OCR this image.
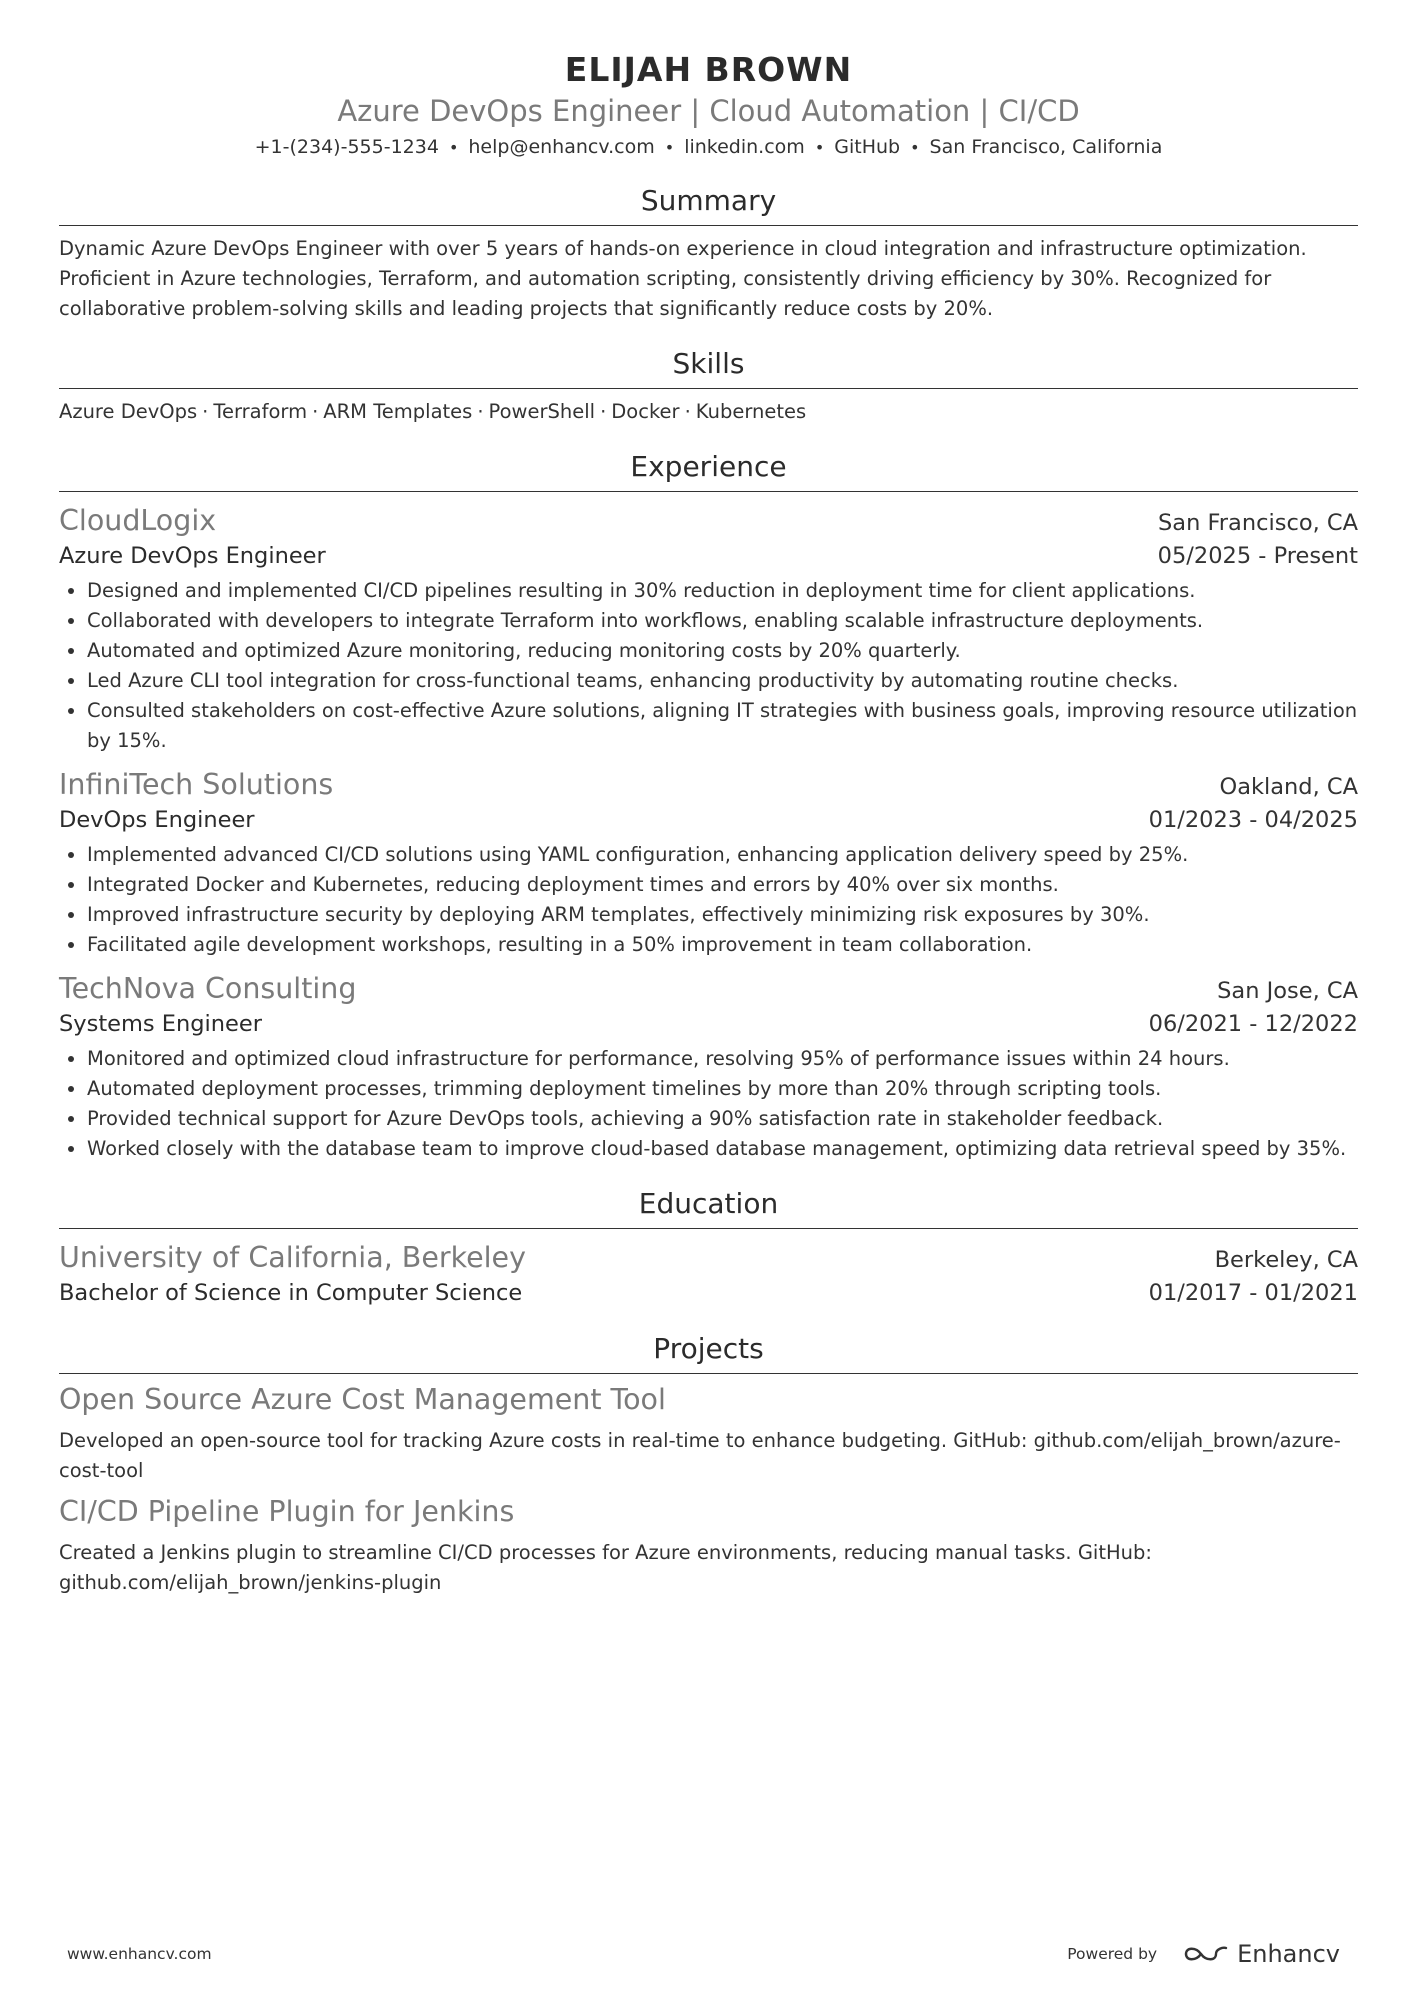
ELIJAH BROWN
Azure DevOps Engineer | Cloud Automation | CI/CD
+1-(234)-555-1234 • help@enhancv.com • linkedin.com • GitHub • San Francisco, California
Summary
Dynamic Azure DevOps Engineer with over 5 years of hands-on experience in cloud integration and infrastructure optimization. Proficient in Azure technologies, Terraform, and automation scripting, consistently driving efficiency by 30%. Recognized for collaborative problem-solving skills and leading projects that significantly reduce costs by 20%.
Skills
Azure DevOps · Terraform · ARM Templates · PowerShell · Docker · Kubernetes
Experience
CloudLogix	San Francisco, CA
Azure DevOps Engineer	05/2025 - Present
• Designed and implemented CI/CD pipelines resulting in 30% reduction in deployment time for client applications.
• Collaborated with developers to integrate Terraform into workflows, enabling scalable infrastructure deployments.
• Automated and optimized Azure monitoring, reducing monitoring costs by 20% quarterly.
• Led Azure CLI tool integration for cross-functional teams, enhancing productivity by automating routine checks.
• Consulted stakeholders on cost-effective Azure solutions, aligning IT strategies with business goals, improving resource utilization by 15%.
InfiniTech Solutions	Oakland, CA
DevOps Engineer	01/2023 - 04/2025
• Implemented advanced CI/CD solutions using YAML configuration, enhancing application delivery speed by 25%.
• Integrated Docker and Kubernetes, reducing deployment times and errors by 40% over six months.
• Improved infrastructure security by deploying ARM templates, effectively minimizing risk exposures by 30%.
• Facilitated agile development workshops, resulting in a 50% improvement in team collaboration.
TechNova Consulting	San Jose, CA
Systems Engineer	06/2021 - 12/2022
• Monitored and optimized cloud infrastructure for performance, resolving 95% of performance issues within 24 hours.
• Automated deployment processes, trimming deployment timelines by more than 20% through scripting tools.
• Provided technical support for Azure DevOps tools, achieving a 90% satisfaction rate in stakeholder feedback.
• Worked closely with the database team to improve cloud-based database management, optimizing data retrieval speed by 35%.
Education
University of California, Berkeley	Berkeley, CA
Bachelor of Science in Computer Science	01/2017 - 01/2021
Projects
Open Source Azure Cost Management Tool
Developed an open-source tool for tracking Azure costs in real-time to enhance budgeting. GitHub: github.com/elijah_brown/azure-cost-tool
CI/CD Pipeline Plugin for Jenkins
Created a Jenkins plugin to streamline CI/CD processes for Azure environments, reducing manual tasks. GitHub: github.com/elijah_brown/jenkins-plugin
www.enhancv.com	Powered by	Enhancv
